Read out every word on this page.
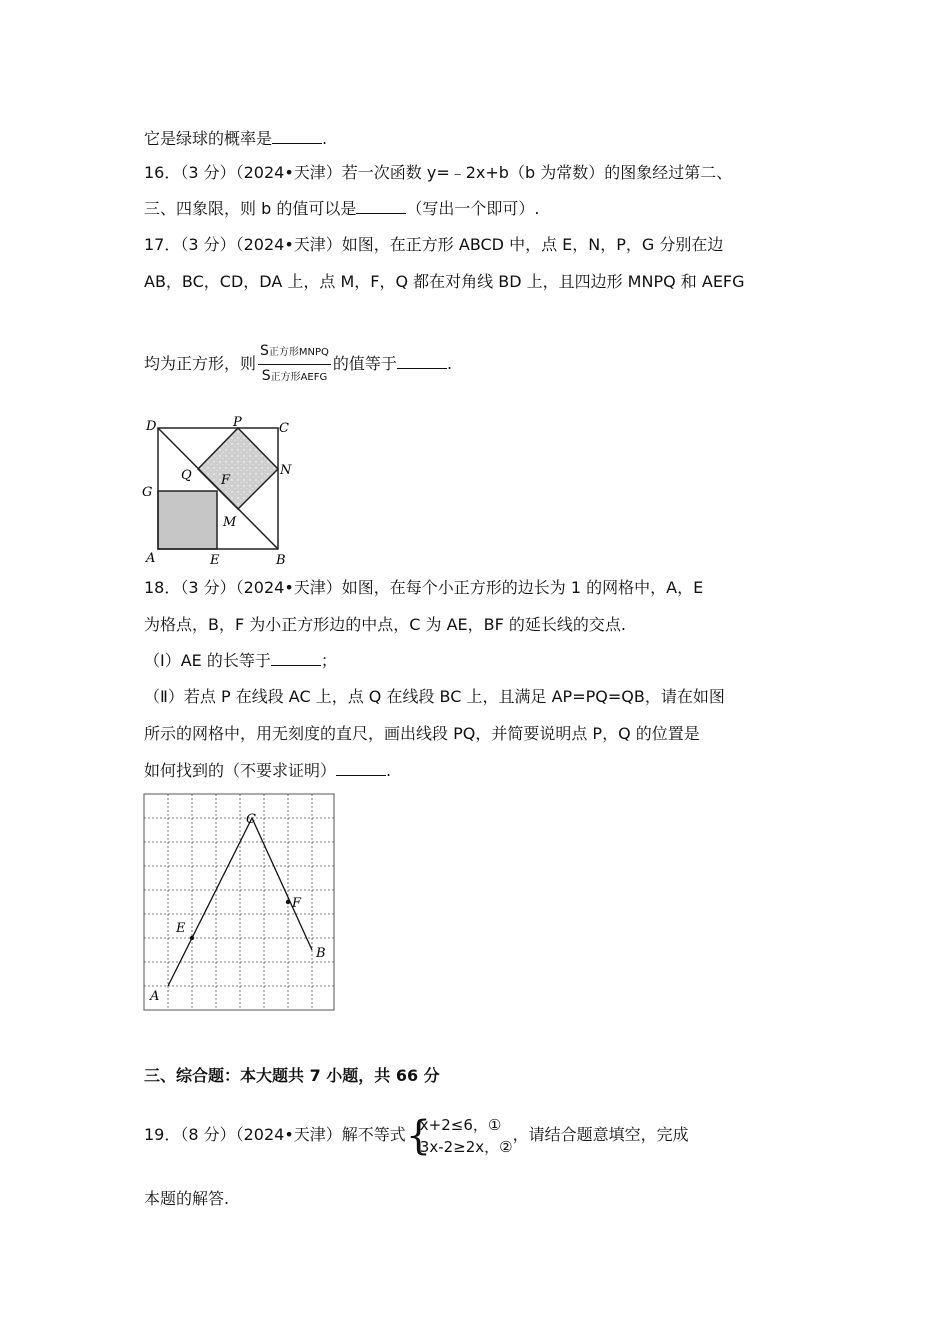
它是绿球的概率是	.
16．（3 分）（2024•天津）若一次函数 y=﹣2x+b（b 为常数）的图象经过第二、
三、四象限，则 b 的值可以是	（写出一个即可）.
17．（3 分）（2024•天津）如图，在正方形 ABCD 中，点 E，N，P，G 分别在边
AB，BC，CD，DA 上，点 M，F，Q 都在对角线 BD 上，且四边形 MNPQ 和 AEFG
均为正方形，则 $\frac{\text{S正方形MNPQ}}{\text{S正方形AEFG}}$ 的值等于	.
D	P	C
Q F
N
G
M
A	E	B
18．（3 分）（2024•天津）如图，在每个小正方形的边长为 1 的网格中，A，E
为格点，B，F 为小正方形边的中点，C 为 AE，BF 的延长线的交点.
（Ⅰ）AE 的长等于	；
（Ⅱ）若点 P 在线段 AC 上，点 Q 在线段 BC 上，且满足 AP=PQ=QB，请在如图
所示的网格中，用无刻度的直尺，画出线段 PQ，并简要说明点 P，Q 的位置是
如何找到的（不要求证明）	.
A
E
C
F
B
三、综合题：本大题共 7 小题，共 66 分
19．（8 分）（2024•天津）解不等式 {
x+2≤6，①
3x-2≥2x，②
，请结合题意填空，完成
本题的解答.
